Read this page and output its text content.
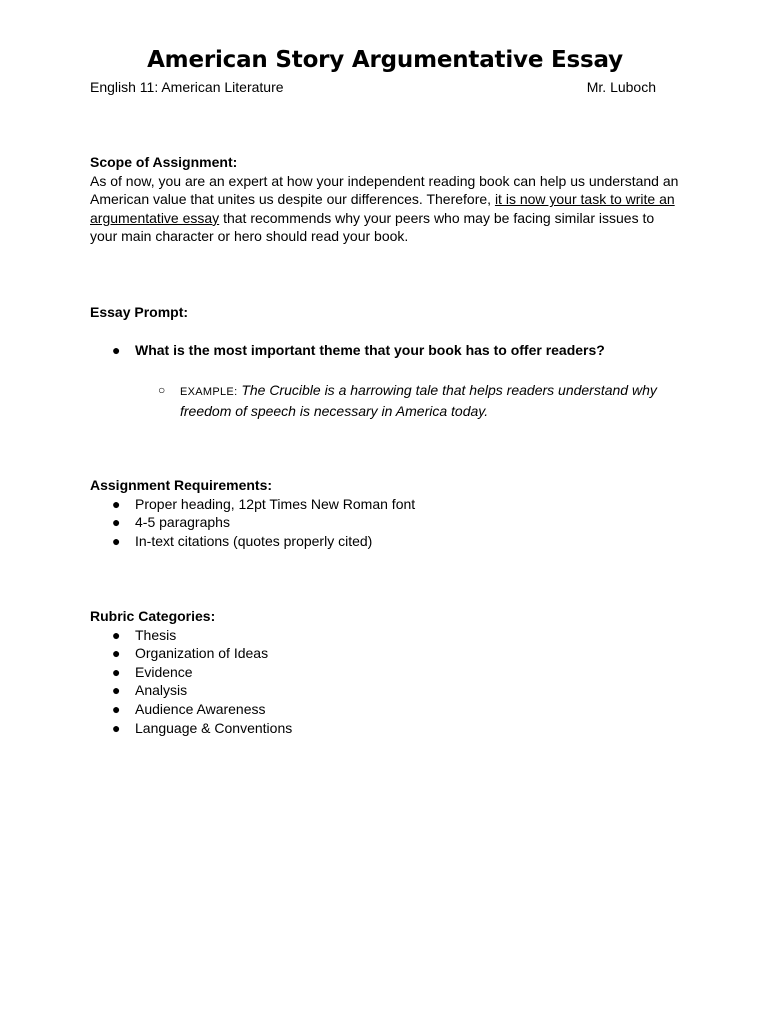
American Story Argumentative Essay
English 11: American Literature	Mr. Luboch
Scope of Assignment:

As of now, you are an expert at how your independent reading book can help us understand an American value that unites us despite our differences. Therefore, it is now your task to write an argumentative essay that recommends why your peers who may be facing similar issues to your main character or hero should read your book.

Essay Prompt:
● What is the most important theme that your book has to offer readers?
○ EXAMPLE: The Crucible is a harrowing tale that helps readers understand why freedom of speech is necessary in America today.
Assignment Requirements:
● Proper heading, 12pt Times New Roman font
● 4-5 paragraphs
● In-text citations (quotes properly cited)
Rubric Categories:
● Thesis
● Organization of Ideas
● Evidence
● Analysis
● Audience Awareness
● Language & Conventions
